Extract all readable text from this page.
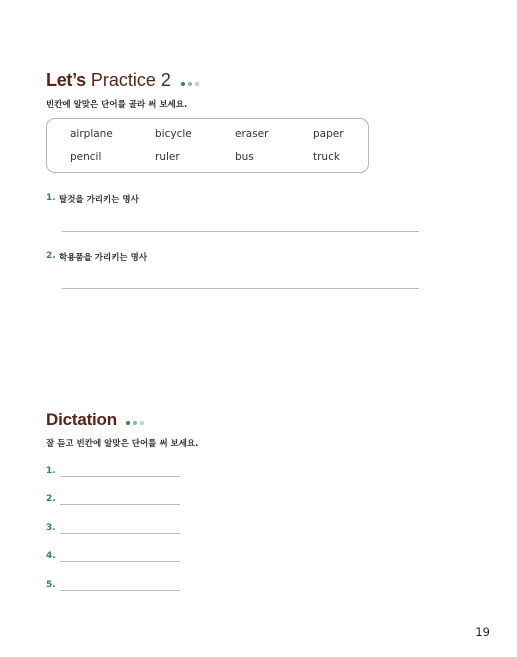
Let’s Practice 2
빈칸에 알맞은 단어를 골라 써 보세요.
airplane	bicycle	eraser	paper
pencil	ruler	bus	truck
1. 탈것을 가리키는 명사
2. 학용품을 가리키는 명사
Dictation
잘 듣고 빈칸에 알맞은 단어를 써 보세요.
1.
2.
3.
4.
5.
19
